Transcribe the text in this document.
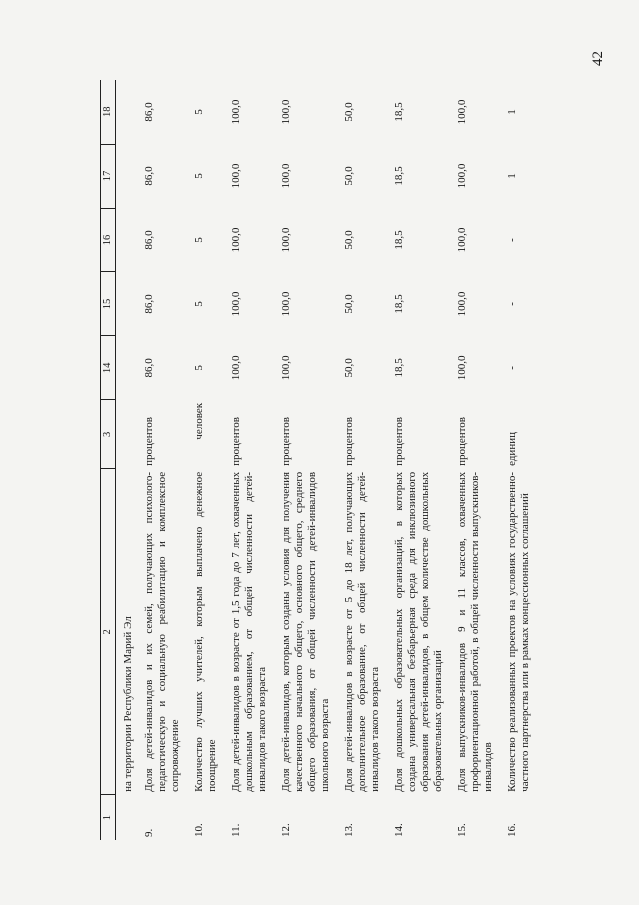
42
1	2	3	14	15	16	17	18
	на территории Республики Марий Эл						
9.	Доля детей-инвалидов и их семей, получающих психолого-педагогическую и социальную реабилитацию и комплексное сопровождение	процентов	86,0	86,0	86,0	86,0	86,0
10.	Количество лучших учителей, которым выплачено денежное поощрение	человек	5	5	5	5	5
11.	Доля детей-инвалидов в возрасте от 1,5 года до 7 лет, охваченных дошкольным образованием, от общей численности детей-инвалидов такого возраста	процентов	100,0	100,0	100,0	100,0	100,0
12.	Доля детей-инвалидов, которым созданы условия для получения качественного начального общего, основного общего, среднего общего образования, от общей численности детей-инвалидов школьного возраста	процентов	100,0	100,0	100,0	100,0	100,0
13.	Доля детей-инвалидов в возрасте от 5 до 18 лет, получающих дополнительное образование, от общей численности детей-инвалидов такого возраста	процентов	50,0	50,0	50,0	50,0	50,0
14.	Доля дошкольных образовательных организаций, в которых создана универсальная безбарьерная среда для инклюзивного образования детей-инвалидов, в общем количестве дошкольных образовательных организаций	процентов	18,5	18,5	18,5	18,5	18,5
15.	Доля выпускников-инвалидов 9 и 11 классов, охваченных профориентационной работой, в общей численности выпускников-инвалидов	процентов	100,0	100,0	100,0	100,0	100,0
16.	Количество реализованных проектов на условиях государственно-частного партнерства или в рамках концессионных соглашений	единиц	-	-	-	1	1
